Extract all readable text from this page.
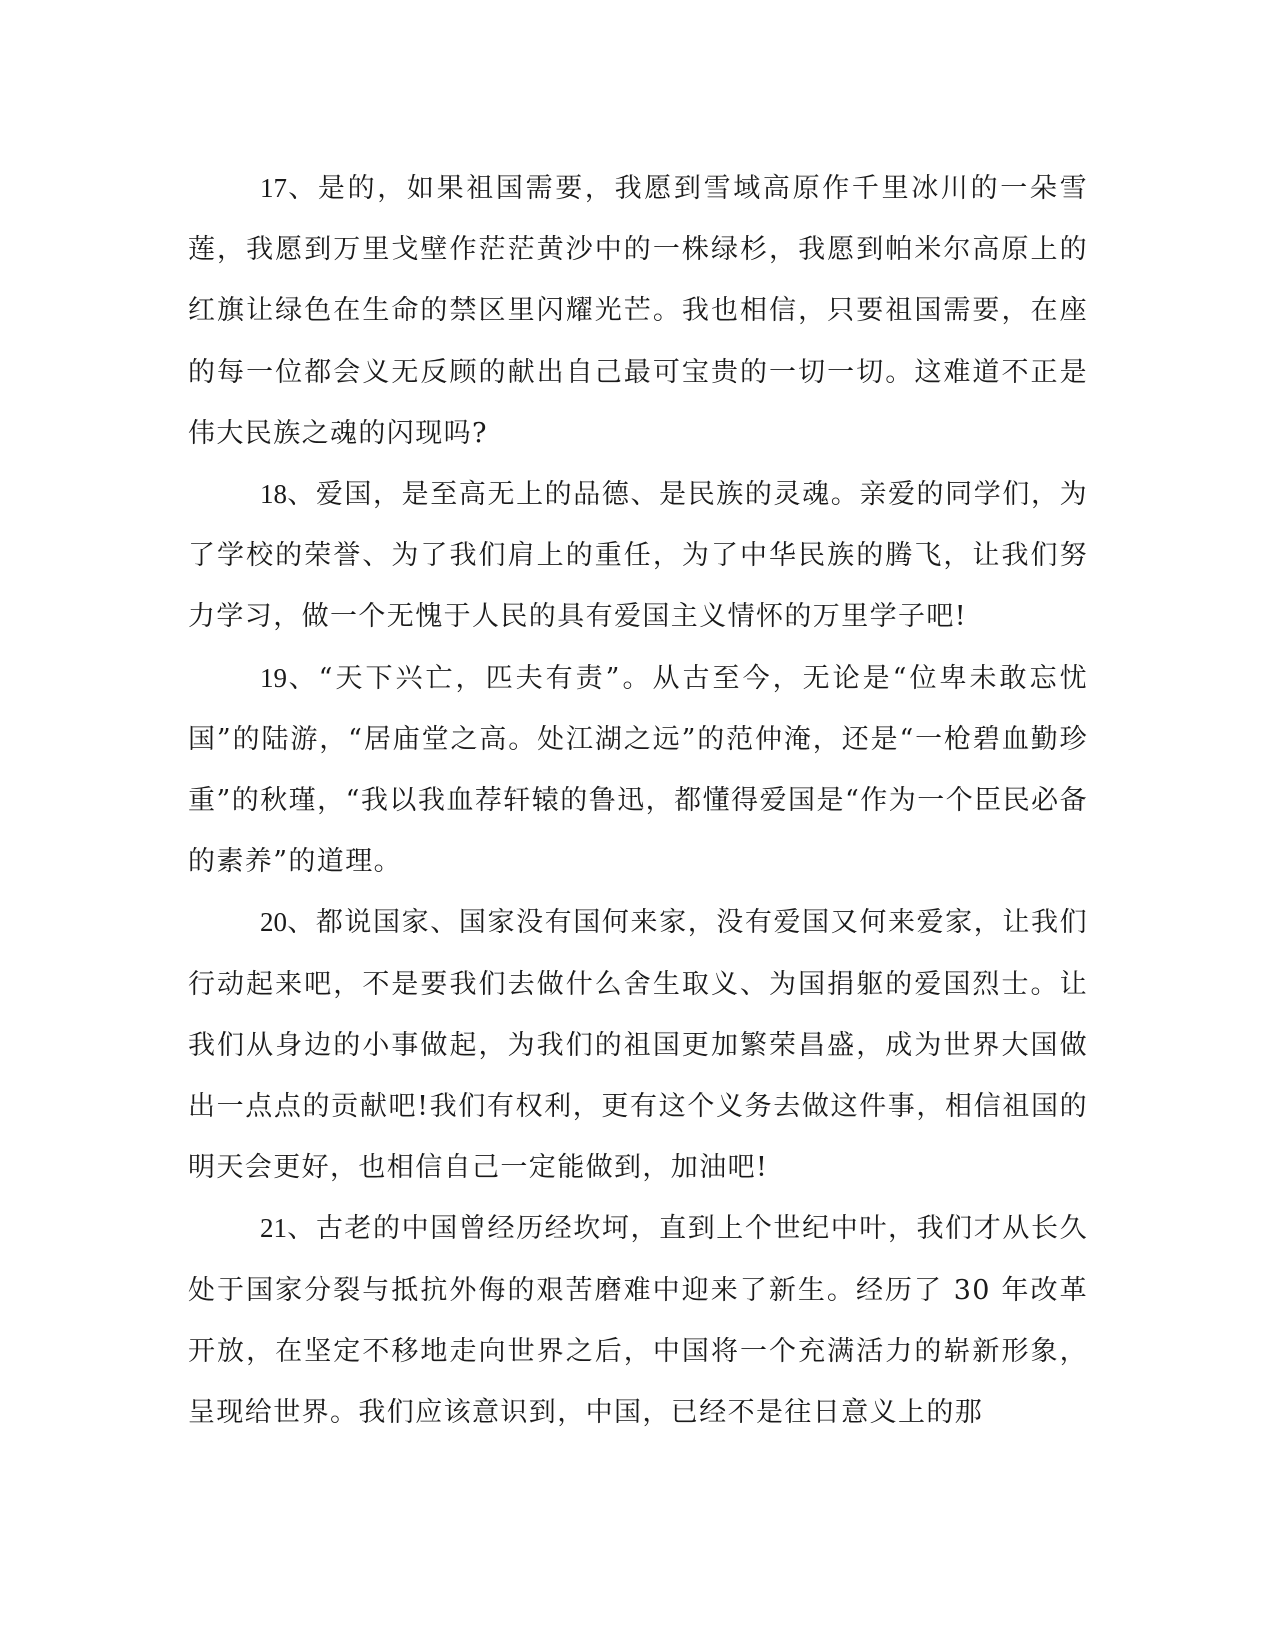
17、是的，如果祖国需要，我愿到雪域高原作千里冰川的一朵雪莲，我愿到万里戈壁作茫茫黄沙中的一株绿杉，我愿到帕米尔高原上的红旗让绿色在生命的禁区里闪耀光芒。我也相信，只要祖国需要，在座的每一位都会义无反顾的献出自己最可宝贵的一切一切。这难道不正是伟大民族之魂的闪现吗?

18、爱国，是至高无上的品德、是民族的灵魂。亲爱的同学们，为了学校的荣誉、为了我们肩上的重任，为了中华民族的腾飞，让我们努力学习，做一个无愧于人民的具有爱国主义情怀的万里学子吧!

19、“天下兴亡，匹夫有责”。从古至今，无论是“位卑未敢忘忧国”的陆游，“居庙堂之高。处江湖之远”的范仲淹，还是“一枪碧血勤珍重”的秋瑾，“我以我血荐轩辕的鲁迅，都懂得爱国是“作为一个臣民必备的素养”的道理。

20、都说国家、国家没有国何来家，没有爱国又何来爱家，让我们行动起来吧，不是要我们去做什么舍生取义、为国捐躯的爱国烈士。让我们从身边的小事做起，为我们的祖国更加繁荣昌盛，成为世界大国做出一点点的贡献吧!我们有权利，更有这个义务去做这件事，相信祖国的明天会更好，也相信自己一定能做到，加油吧!

21、古老的中国曾经历经坎坷，直到上个世纪中叶，我们才从长久处于国家分裂与抵抗外侮的艰苦磨难中迎来了新生。经历了 30 年改革开放，在坚定不移地走向世界之后，中国将一个充满活力的崭新形象，呈现给世界。我们应该意识到，中国，已经不是往日意义上的那
